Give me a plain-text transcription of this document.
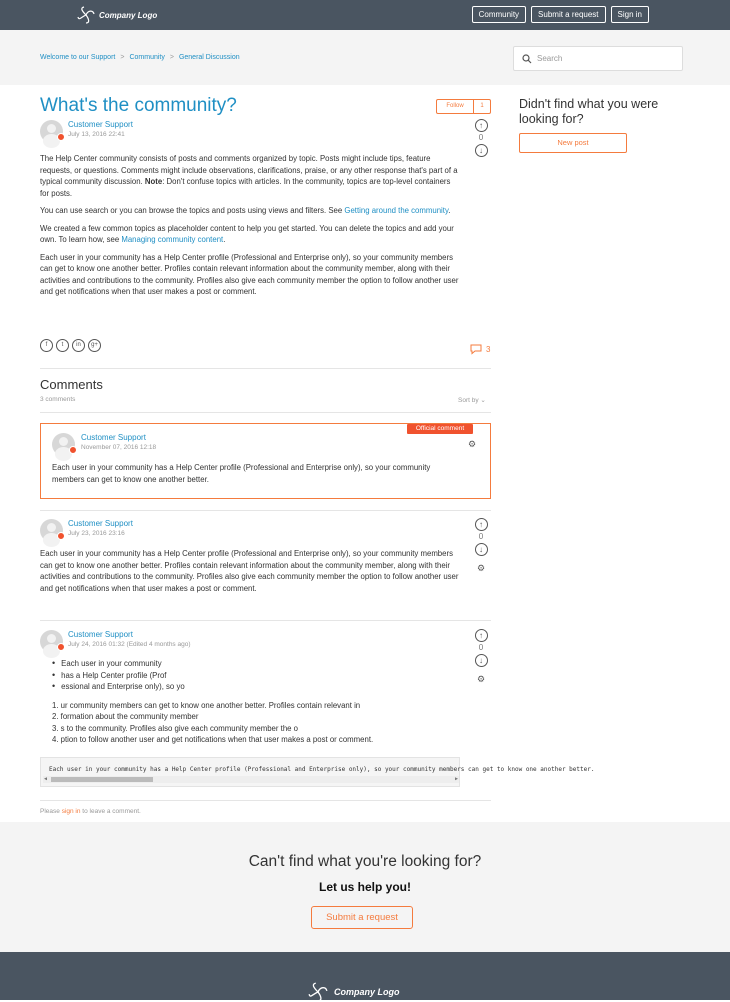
Company Logo	Community	Submit a request	Sign in
Welcome to our Support > Community > General Discussion
Search
What's the community?	Follow	1
Customer Support
July 13, 2016 22:41
↑
0
↓

The Help Center community consists of posts and comments organized by topic. Posts might include tips, feature requests, or questions. Comments might include observations, clarifications, praise, or any other response that's part of a typical community discussion. Note: Don't confuse topics with articles. In the community, topics are top-level containers for posts.

You can use search or you can browse the topics and posts using views and filters. See Getting around the community.

We created a few common topics as placeholder content to help you get started. You can delete the topics and add your own. To learn how, see Managing community content.

Each user in your community has a Help Center profile (Professional and Enterprise only), so your community members can get to know one another better. Profiles contain relevant information about the community member, along with their activities and contributions to the community. Profiles also give each community member the option to follow another user and get notifications when that user makes a post or comment.

f	t	in	g+	3
Comments
3 comments	Sort by ⌄
Official comment
Customer Support
November 07, 2016 12:18	⚙
Each user in your community has a Help Center profile (Professional and Enterprise only), so your community members can get to know one another better.
Customer Support
July 23, 2016 23:16
↑
0
↓
⚙
Each user in your community has a Help Center profile (Professional and Enterprise only), so your community members can get to know one another better. Profiles contain relevant information about the community member, along with their activities and contributions to the community. Profiles also give each community member the option to follow another user and get notifications when that user makes a post or comment.
Customer Support
July 24, 2016 01:32 (Edited 4 months ago)
↑
0
↓
⚙
• Each user in your community
• has a Help Center profile (Prof
• essional and Enterprise only), so yo
1. ur community members can get to know one another better. Profiles contain relevant in
2. formation about the community member
3. s to the community. Profiles also give each community member the o
4. ption to follow another user and get notifications when that user makes a post or comment.
Each user in your community has a Help Center profile (Professional and Enterprise only), so your community members can get to know one another better.
◀	▶
Please sign in to leave a comment.
Didn't find what you were looking for?
New post
Can't find what you're looking for?
Let us help you!
Submit a request
Company Logo
